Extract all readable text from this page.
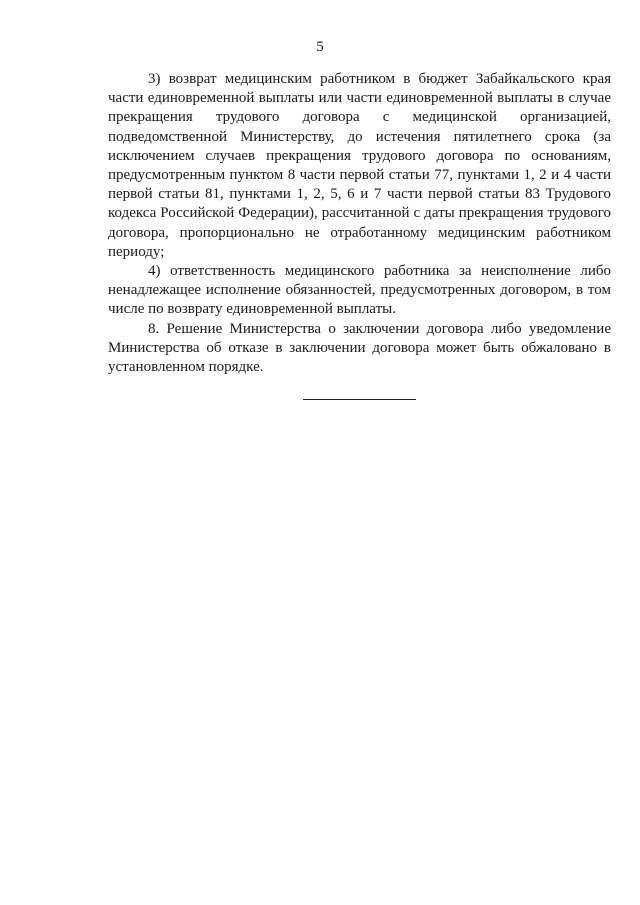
5

3) возврат медицинским работником в бюджет Забайкальского края части единовременной выплаты или части единовременной выплаты в случае прекращения трудового договора с медицинской организацией, подведомственной Министерству, до истечения пятилетнего срока (за исключением случаев прекращения трудового договора по основаниям, предусмотренным пунктом 8 части первой статьи 77, пунктами 1, 2 и 4 части первой статьи 81, пунктами 1, 2, 5, 6 и 7 части первой статьи 83 Трудового кодекса Российской Федерации), рассчитанной с даты прекращения трудового договора, пропорционально не отработанному медицинским работником периоду;

4) ответственность медицинского работника за неисполнение либо ненадлежащее исполнение обязанностей, предусмотренных договором, в том числе по возврату единовременной выплаты.

8. Решение Министерства о заключении договора либо уведомление Министерства об отказе в заключении договора может быть обжаловано в установленном порядке.
